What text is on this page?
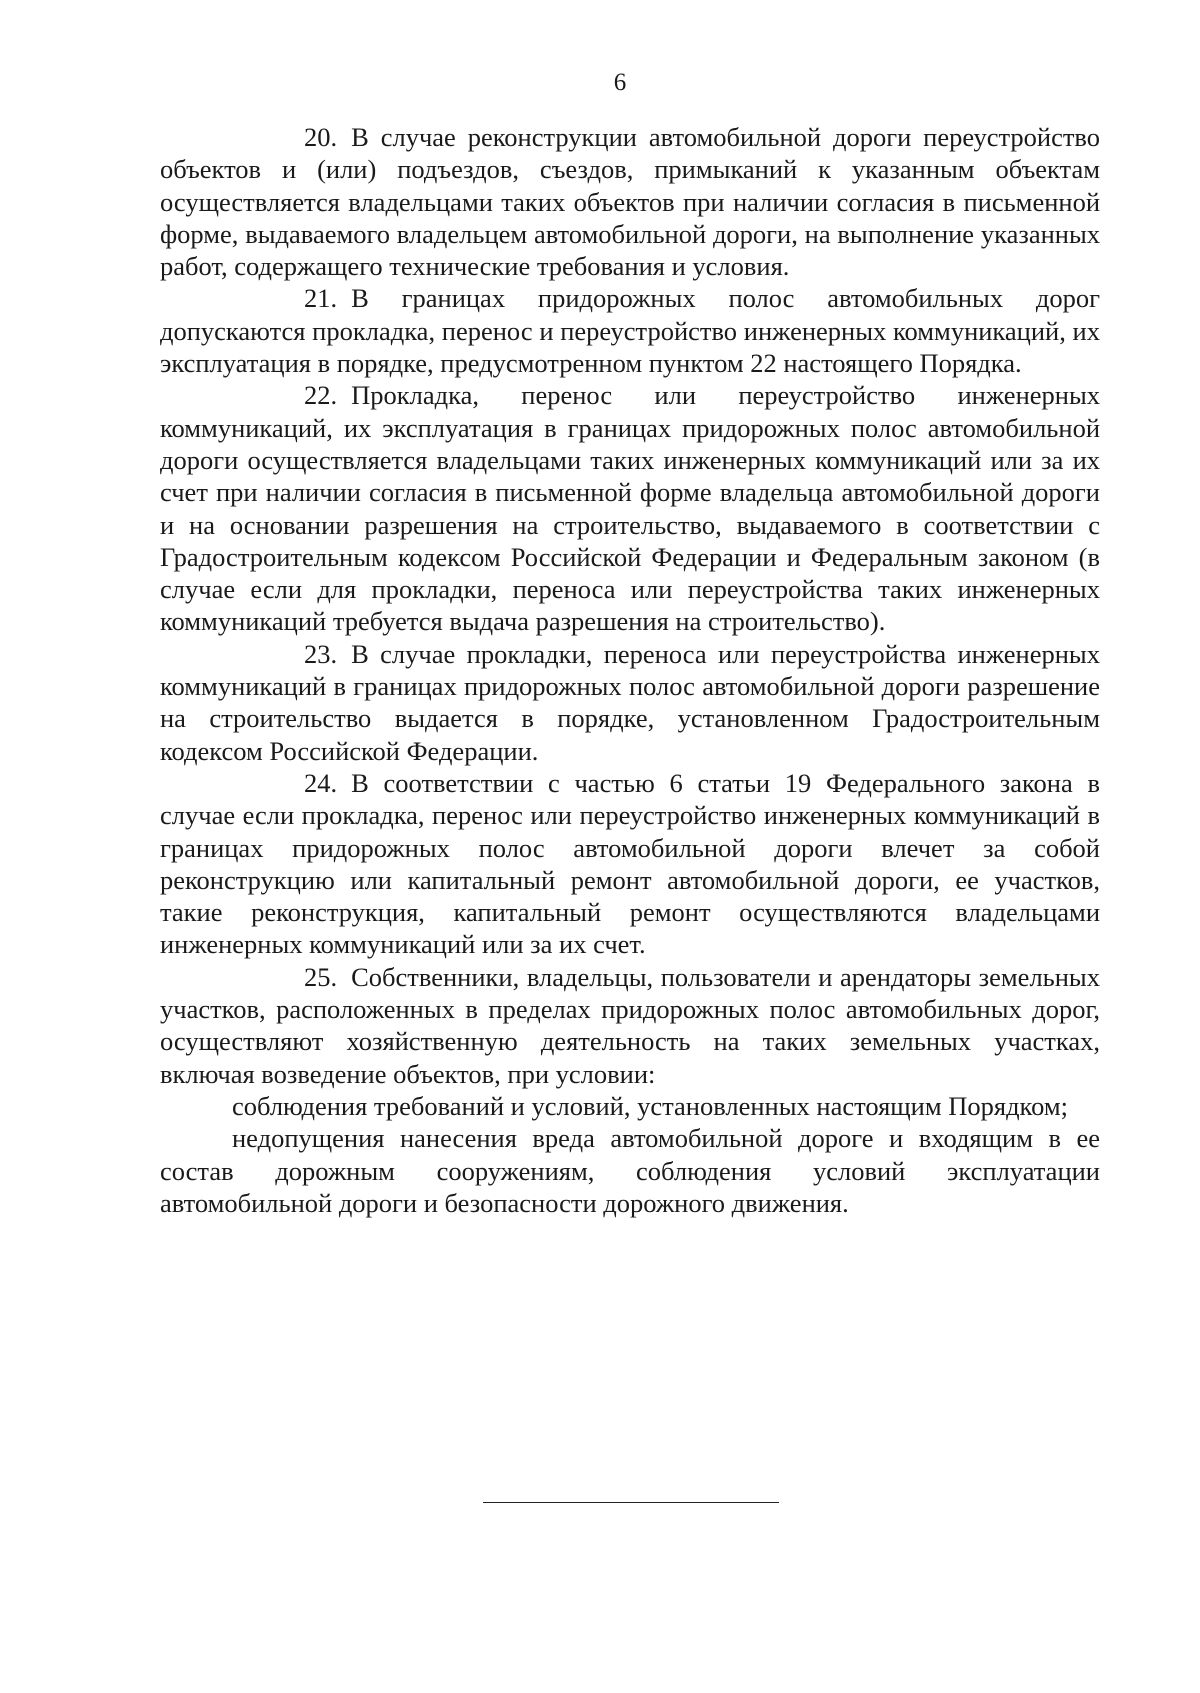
6

20. В случае реконструкции автомобильной дороги переустройство объектов и (или) подъездов, съездов, примыканий к указанным объектам осуществляется владельцами таких объектов при наличии согласия в письменной форме, выдаваемого владельцем автомобильной дороги, на выполнение указанных работ, содержащего технические требования и условия.

21. В границах придорожных полос автомобильных дорог допускаются прокладка, перенос и переустройство инженерных коммуникаций, их эксплуатация в порядке, предусмотренном пунктом 22 настоящего Порядка.

22. Прокладка, перенос или переустройство инженерных коммуникаций, их эксплуатация в границах придорожных полос автомобильной дороги осуществляется владельцами таких инженерных коммуникаций или за их счет при наличии согласия в письменной форме владельца автомобильной дороги и на основании разрешения на строительство, выдаваемого в соответствии с Градостроительным кодексом Российской Федерации и Федеральным законом (в случае если для прокладки, переноса или переустройства таких инженерных коммуникаций требуется выдача разрешения на строительство).

23. В случае прокладки, переноса или переустройства инженерных коммуникаций в границах придорожных полос автомобильной дороги разрешение на строительство выдается в порядке, установленном Градостроительным кодексом Российской Федерации.

24. В соответствии с частью 6 статьи 19 Федерального закона в случае если прокладка, перенос или переустройство инженерных коммуникаций в границах придорожных полос автомобильной дороги влечет за собой реконструкцию или капитальный ремонт автомобильной дороги, ее участков, такие реконструкция, капитальный ремонт осуществляются владельцами инженерных коммуникаций или за их счет.

25. Собственники, владельцы, пользователи и арендаторы земельных участков, расположенных в пределах придорожных полос автомобильных дорог, осуществляют хозяйственную деятельность на таких земельных участках, включая возведение объектов, при условии:

соблюдения требований и условий, установленных настоящим Порядком;

недопущения нанесения вреда автомобильной дороге и входящим в ее состав дорожным сооружениям, соблюдения условий эксплуатации автомобильной дороги и безопасности дорожного движения.
